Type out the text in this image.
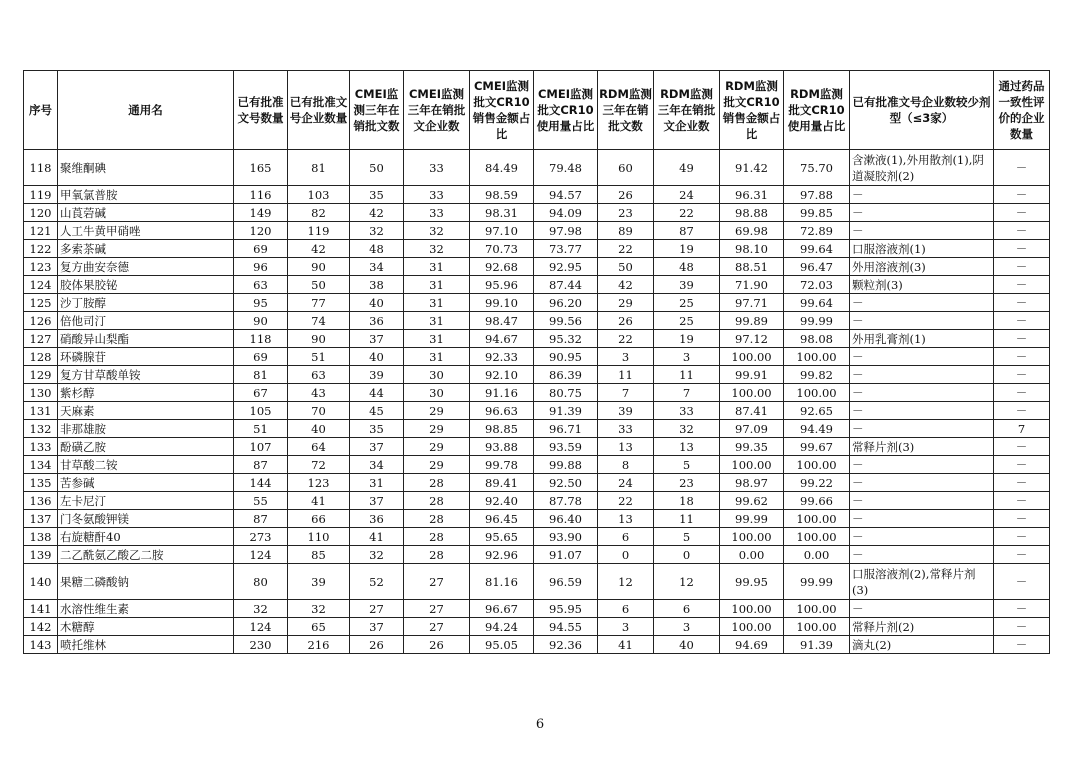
序号	通用名	已有批准文号数量	已有批准文号企业数量	CMEI监测三年在销批文数	CMEI监测三年在销批文企业数	CMEI监测批文CR10销售金额占比	CMEI监测批文CR10使用量占比	RDM监测三年在销批文数	RDM监测三年在销批文企业数	RDM监测批文CR10销售金额占比	RDM监测批文CR10使用量占比	已有批准文号企业数较少剂型（≤3家）	通过药品一致性评价的企业数量
118	聚维酮碘	165	81	50	33	84.49	79.48	60	49	91.42	75.70	含漱液(1),外用散剂(1),阴道凝胶剂(2)	－
119	甲氧氯普胺	116	103	35	33	98.59	94.57	26	24	96.31	97.88	－	－
120	山莨菪碱	149	82	42	33	98.31	94.09	23	22	98.88	99.85	－	－
121	人工牛黄甲硝唑	120	119	32	32	97.10	97.98	89	87	69.98	72.89	－	－
122	多索茶碱	69	42	48	32	70.73	73.77	22	19	98.10	99.64	口服溶液剂(1)	－
123	复方曲安奈德	96	90	34	31	92.68	92.95	50	48	88.51	96.47	外用溶液剂(3)	－
124	胶体果胶铋	63	50	38	31	95.96	87.44	42	39	71.90	72.03	颗粒剂(3)	－
125	沙丁胺醇	95	77	40	31	99.10	96.20	29	25	97.71	99.64	－	－
126	倍他司汀	90	74	36	31	98.47	99.56	26	25	99.89	99.99	－	－
127	硝酸异山梨酯	118	90	37	31	94.67	95.32	22	19	97.12	98.08	外用乳膏剂(1)	－
128	环磷腺苷	69	51	40	31	92.33	90.95	3	3	100.00	100.00	－	－
129	复方甘草酸单铵	81	63	39	30	92.10	86.39	11	11	99.91	99.82	－	－
130	紫杉醇	67	43	44	30	91.16	80.75	7	7	100.00	100.00	－	－
131	天麻素	105	70	45	29	96.63	91.39	39	33	87.41	92.65	－	－
132	非那雄胺	51	40	35	29	98.85	96.71	33	32	97.09	94.49	－	7
133	酚磺乙胺	107	64	37	29	93.88	93.59	13	13	99.35	99.67	常释片剂(3)	－
134	甘草酸二铵	87	72	34	29	99.78	99.88	8	5	100.00	100.00	－	－
135	苦参碱	144	123	31	28	89.41	92.50	24	23	98.97	99.22	－	－
136	左卡尼汀	55	41	37	28	92.40	87.78	22	18	99.62	99.66	－	－
137	门冬氨酸钾镁	87	66	36	28	96.45	96.40	13	11	99.99	100.00	－	－
138	右旋糖酐40	273	110	41	28	95.65	93.90	6	5	100.00	100.00	－	－
139	二乙酰氨乙酸乙二胺	124	85	32	28	92.96	91.07	0	0	0.00	0.00	－	－
140	果糖二磷酸钠	80	39	52	27	81.16	96.59	12	12	99.95	99.99	口服溶液剂(2),常释片剂(3)	－
141	水溶性维生素	32	32	27	27	96.67	95.95	6	6	100.00	100.00	－	－
142	木糖醇	124	65	37	27	94.24	94.55	3	3	100.00	100.00	常释片剂(2)	－
143	喷托维林	230	216	26	26	95.05	92.36	41	40	94.69	91.39	滴丸(2)	－
6
